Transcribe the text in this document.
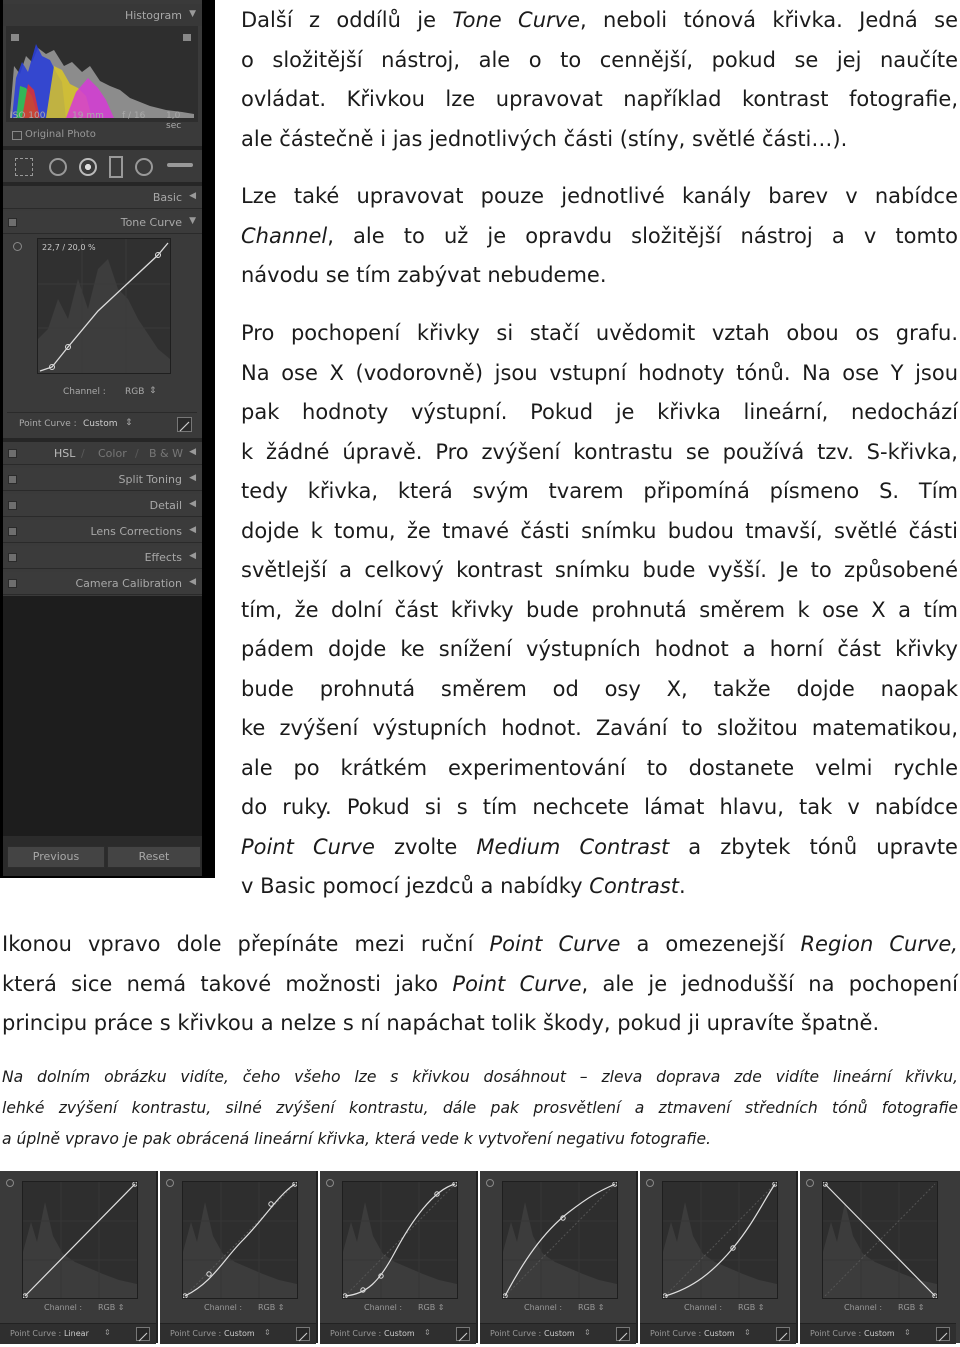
Histogram ▼
ISO 100	19 mm f / 16 1,0 sec
Original Photo
Basic ◀
Tone Curve ▼
22,7 / 20,0 %
Channel : RGB ⇕
Point Curve : Custom ⇕
HSL / Color / B & W ◀
Split Toning ◀
Detail ◀
Lens Corrections ◀
Effects ◀
Camera Calibration ◀
Previous	Reset
Další z oddílů je Tone Curve, neboli tónová křivka. Jedná se
o složitější nástroj, ale o to cennější, pokud se jej naučíte
ovládat. Křivkou lze upravovat například kontrast fotografie,
ale částečně i jas jednotlivých části (stíny, světlé části…).
Lze také upravovat pouze jednotlivé kanály barev v nabídce
Channel, ale to už je opravdu složitější nástroj a v tomto
návodu se tím zabývat nebudeme.
Pro pochopení křivky si stačí uvědomit vztah obou os grafu.
Na ose X (vodorovně) jsou vstupní hodnoty tónů. Na ose Y jsou
pak hodnoty výstupní. Pokud je křivka lineární, nedochází
k žádné úpravě. Pro zvýšení kontrastu se používá tzv. S-křivka,
tedy křivka, která svým tvarem připomíná písmeno S. Tím
dojde k tomu, že tmavé části snímku budou tmavší, světlé části
světlejší a celkový kontrast snímku bude vyšší. Je to způsobené
tím, že dolní část křivky bude prohnutá směrem k ose X a tím
pádem dojde ke snížení výstupních hodnot a horní část křivky
bude prohnutá směrem od osy X, takže dojde naopak
ke zvýšení výstupních hodnot. Zavání to složitou matematikou,
ale po krátkém experimentování to dostanete velmi rychle
do ruky. Pokud si s tím nechcete lámat hlavu, tak v nabídce
Point Curve zvolte Medium Contrast a zbytek tónů upravte
v Basic pomocí jezdců a nabídky Contrast.
Ikonou vpravo dole přepínáte mezi ruční Point Curve a omezenejší Region Curve,
která sice nemá takové možnosti jako Point Curve, ale je jednodušší na pochopení
principu práce s křivkou a nelze s ní napáchat tolik škody, pokud ji upravíte špatně.
Na dolním obrázku vidíte, čeho všeho lze s křivkou dosáhnout – zleva doprava zde vidíte lineární křivku,
lehké zvýšení kontrastu, silné zvýšení kontrastu, dále pak prosvětlení a ztmavení středních tónů fotografie
a úplně vpravo je pak obrácená lineární křivka, která vede k vytvoření negativu fotografie.
Channel : RGB ⇕
Point Curve : Linear ⇕
Channel : RGB ⇕
Point Curve : Custom ⇕
Channel : RGB ⇕
Point Curve : Custom ⇕
Channel : RGB ⇕
Point Curve : Custom ⇕
Channel : RGB ⇕
Point Curve : Custom ⇕
Channel : RGB ⇕
Point Curve : Custom ⇕
